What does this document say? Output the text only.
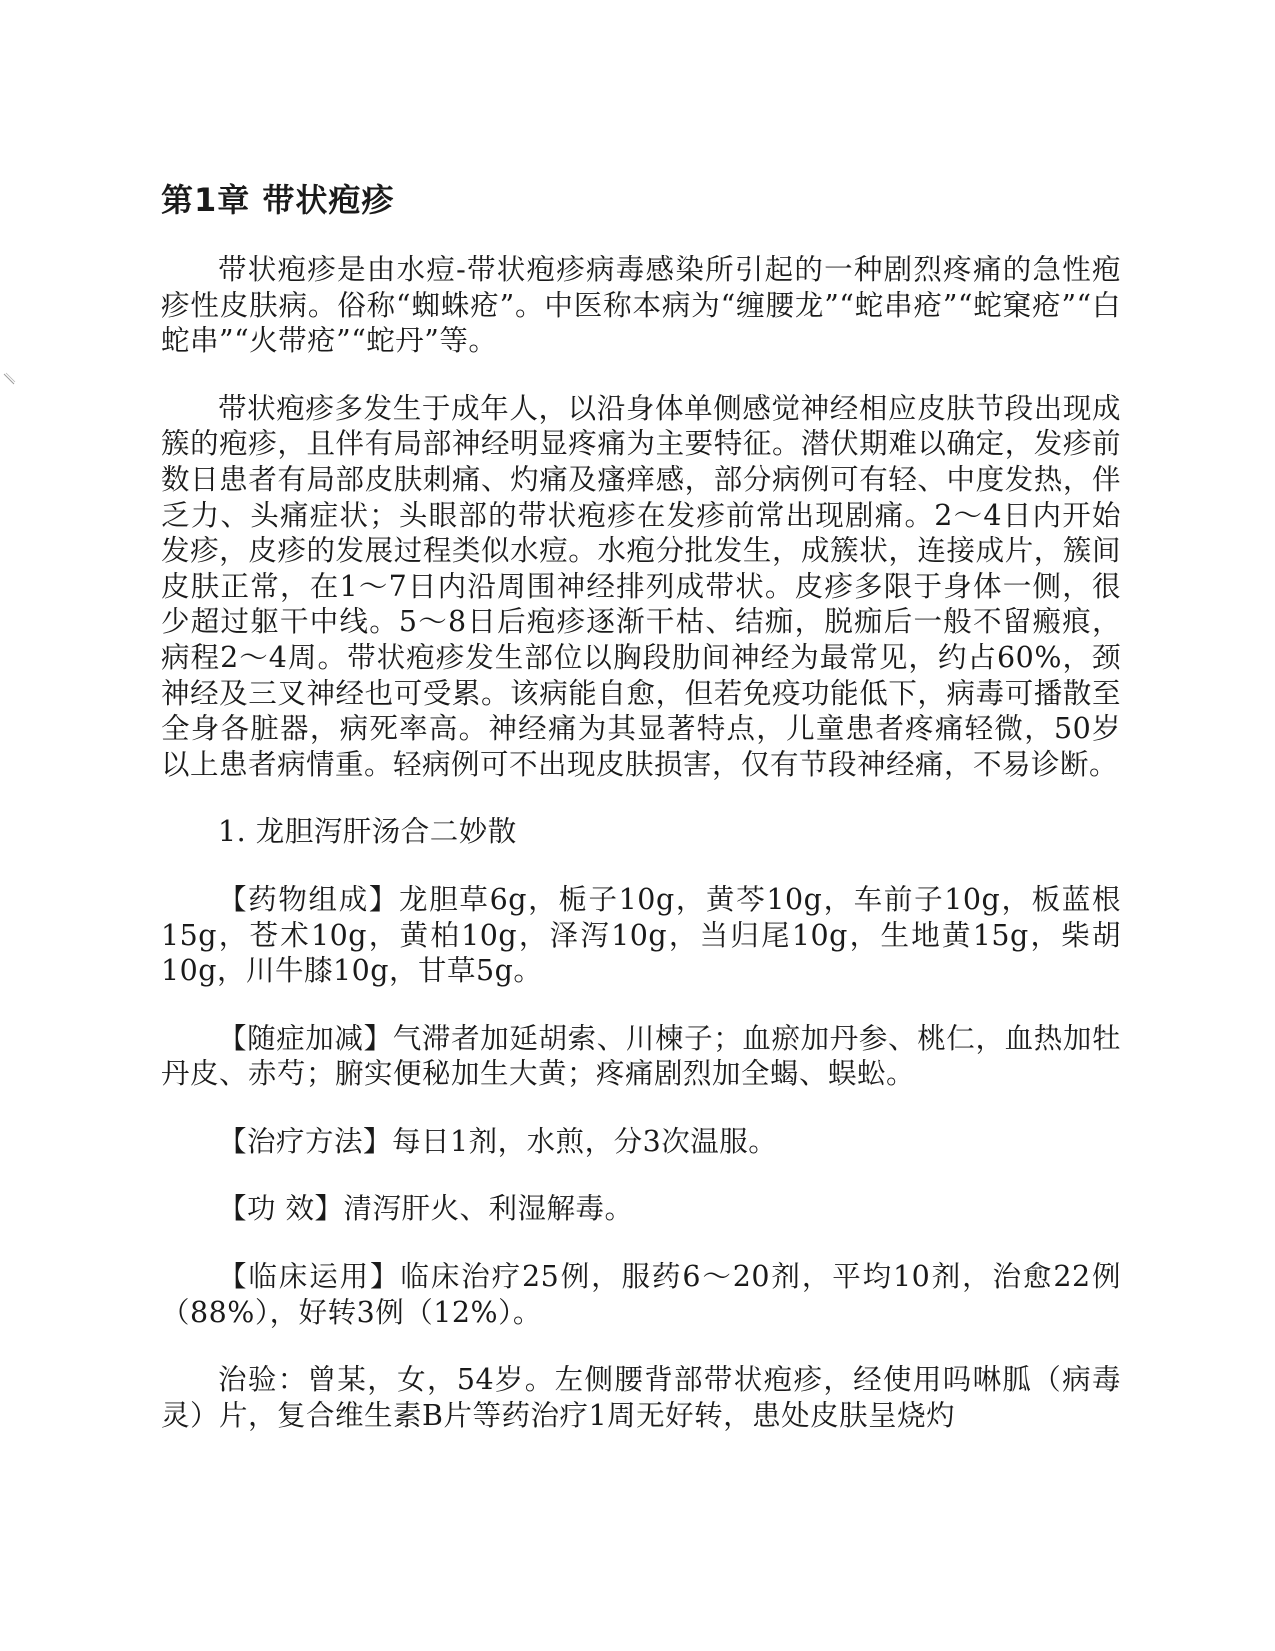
第1章 带状疱疹

带状疱疹是由水痘-带状疱疹病毒感染所引起的一种剧烈疼痛的急性疱疹性皮肤病。俗称“蜘蛛疮”。中医称本病为“缠腰龙”“蛇串疮”“蛇窠疮”“白蛇串”“火带疮”“蛇丹”等。

带状疱疹多发生于成年人，以沿身体单侧感觉神经相应皮肤节段出现成簇的疱疹，且伴有局部神经明显疼痛为主要特征。潜伏期难以确定，发疹前数日患者有局部皮肤刺痛、灼痛及瘙痒感，部分病例可有轻、中度发热，伴乏力、头痛症状；头眼部的带状疱疹在发疹前常出现剧痛。2～4日内开始发疹，皮疹的发展过程类似水痘。水疱分批发生，成簇状，连接成片，簇间皮肤正常，在1～7日内沿周围神经排列成带状。皮疹多限于身体一侧，很少超过躯干中线。5～8日后疱疹逐渐干枯、结痂，脱痂后一般不留瘢痕，病程2～4周。带状疱疹发生部位以胸段肋间神经为最常见，约占60%，颈神经及三叉神经也可受累。该病能自愈，但若免疫功能低下，病毒可播散至全身各脏器，病死率高。神经痛为其显著特点，儿童患者疼痛轻微，50岁以上患者病情重。轻病例可不出现皮肤损害，仅有节段神经痛，不易诊断。

1. 龙胆泻肝汤合二妙散

【药物组成】龙胆草6g，栀子10g，黄芩10g，车前子10g，板蓝根15g，苍术10g，黄柏10g，泽泻10g，当归尾10g，生地黄15g，柴胡10g，川牛膝10g，甘草5g。

【随症加减】气滞者加延胡索、川楝子；血瘀加丹参、桃仁，血热加牡丹皮、赤芍；腑实便秘加生大黄；疼痛剧烈加全蝎、蜈蚣。

【治疗方法】每日1剂，水煎，分3次温服。

【功 效】清泻肝火、利湿解毒。

【临床运用】临床治疗25例，服药6～20剂，平均10剂，治愈22例（88%），好转3例（12%）。

治验：曾某，女，54岁。左侧腰背部带状疱疹，经使用吗啉胍（病毒灵）片，复合维生素B片等药治疗1周无好转，患处皮肤呈烧灼
